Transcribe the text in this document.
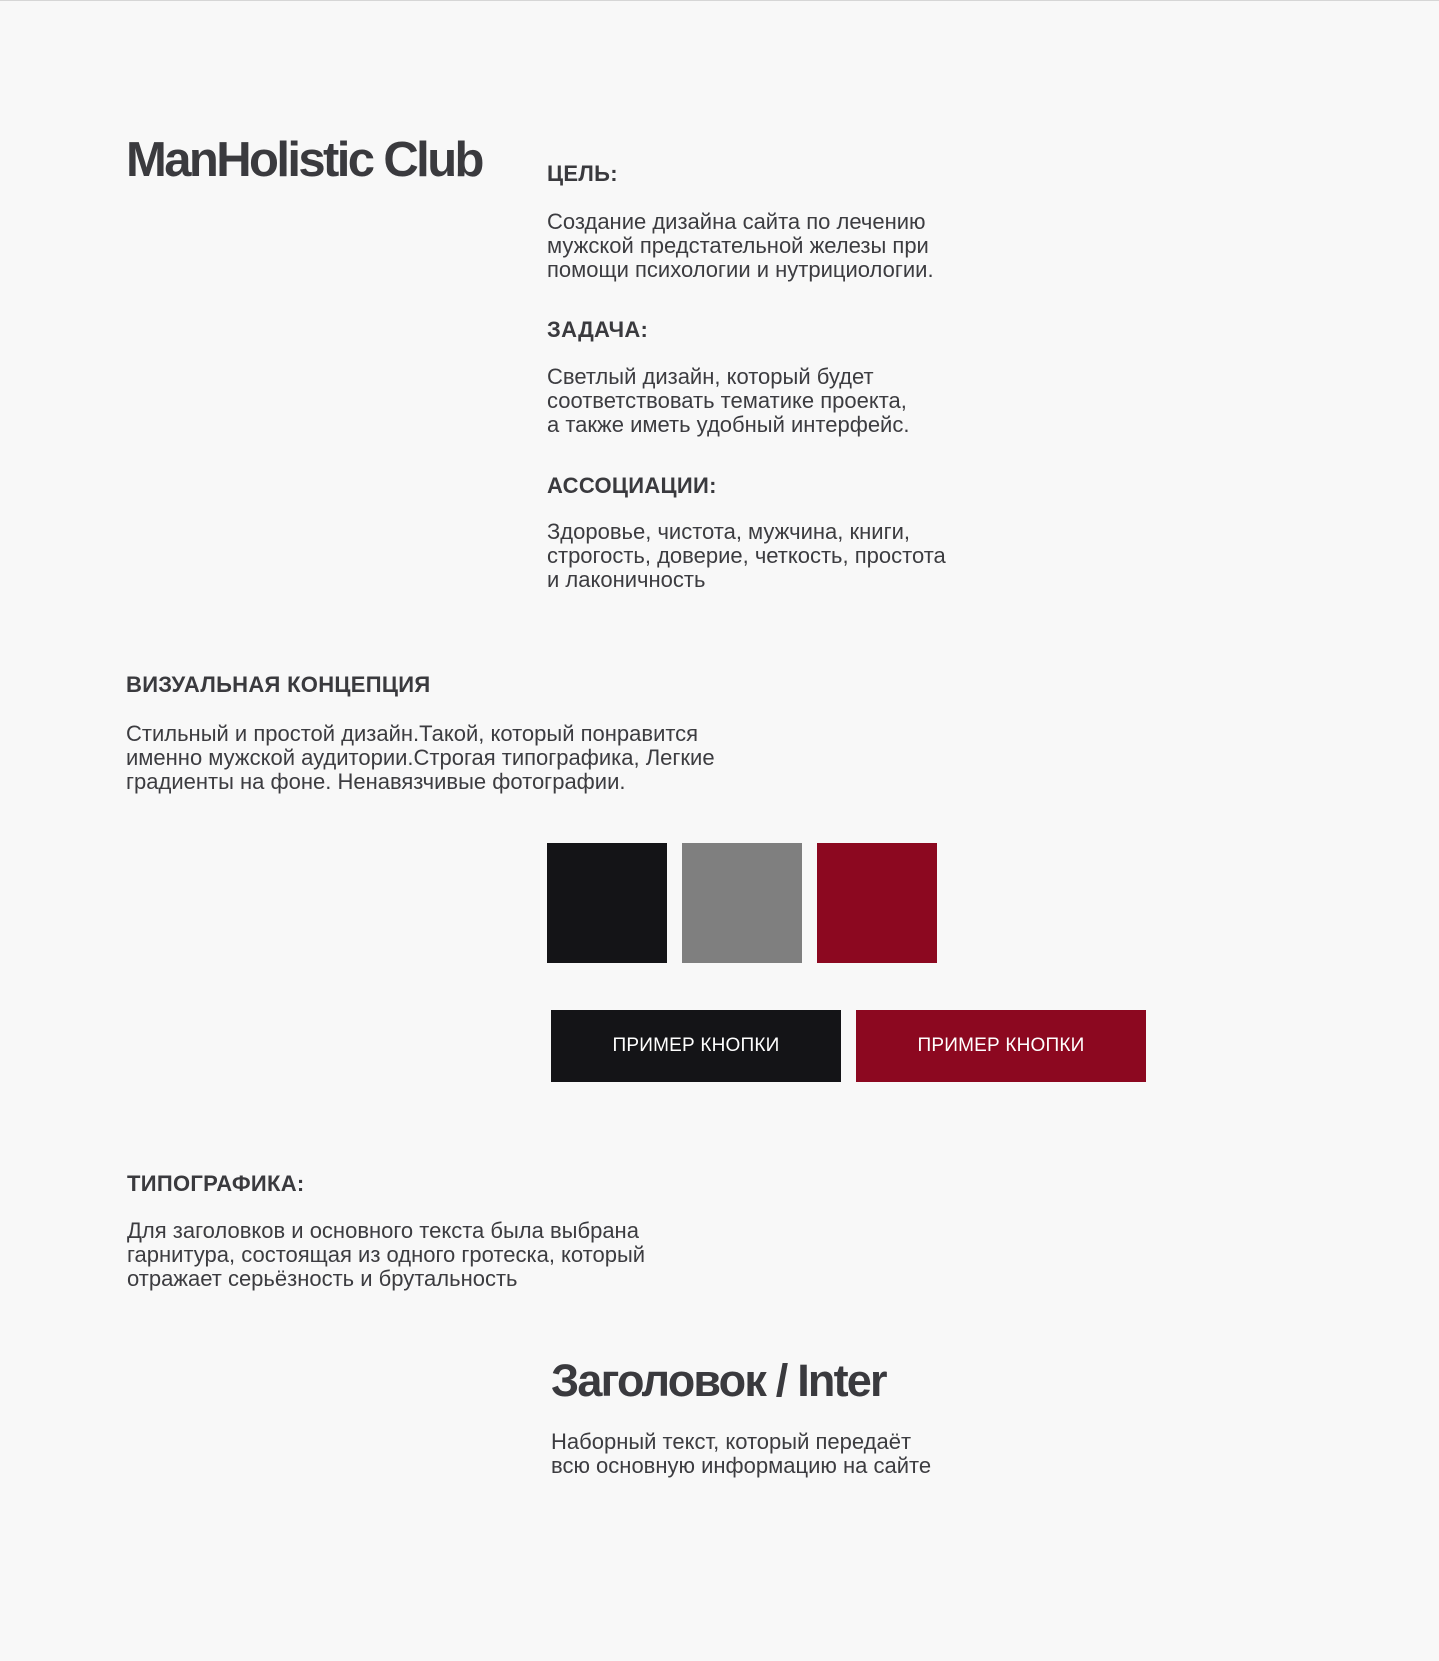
ManHolistic Club	ЦЕЛЬ:

Создание дизайна сайта по лечению
мужской предстательной железы при
помощи психологии и нутрициологии.

ЗАДАЧА:

Светлый дизайн, который будет
соответствовать тематике проекта,
а также иметь удобный интерфейс.

АССОЦИАЦИИ:

Здоровье, чистота, мужчина, книги,
строгость, доверие, четкость, простота
и лаконичность

ВИЗУАЛЬНАЯ КОНЦЕПЦИЯ

Стильный и простой дизайн.Такой, который понравится
именно мужской аудитории.Строгая типографика, Легкие
градиенты на фоне. Ненавязчивые фотографии.

ПРИМЕР КНОПКИ	ПРИМЕР КНОПКИ
ТИПОГРАФИКА:

Для заголовков и основного текста была выбрана
гарнитура, состоящая из одного гротеска, который
отражает серьёзность и брутальность

Заголовок / Inter

Наборный текст, который передаёт
всю основную информацию на сайте
